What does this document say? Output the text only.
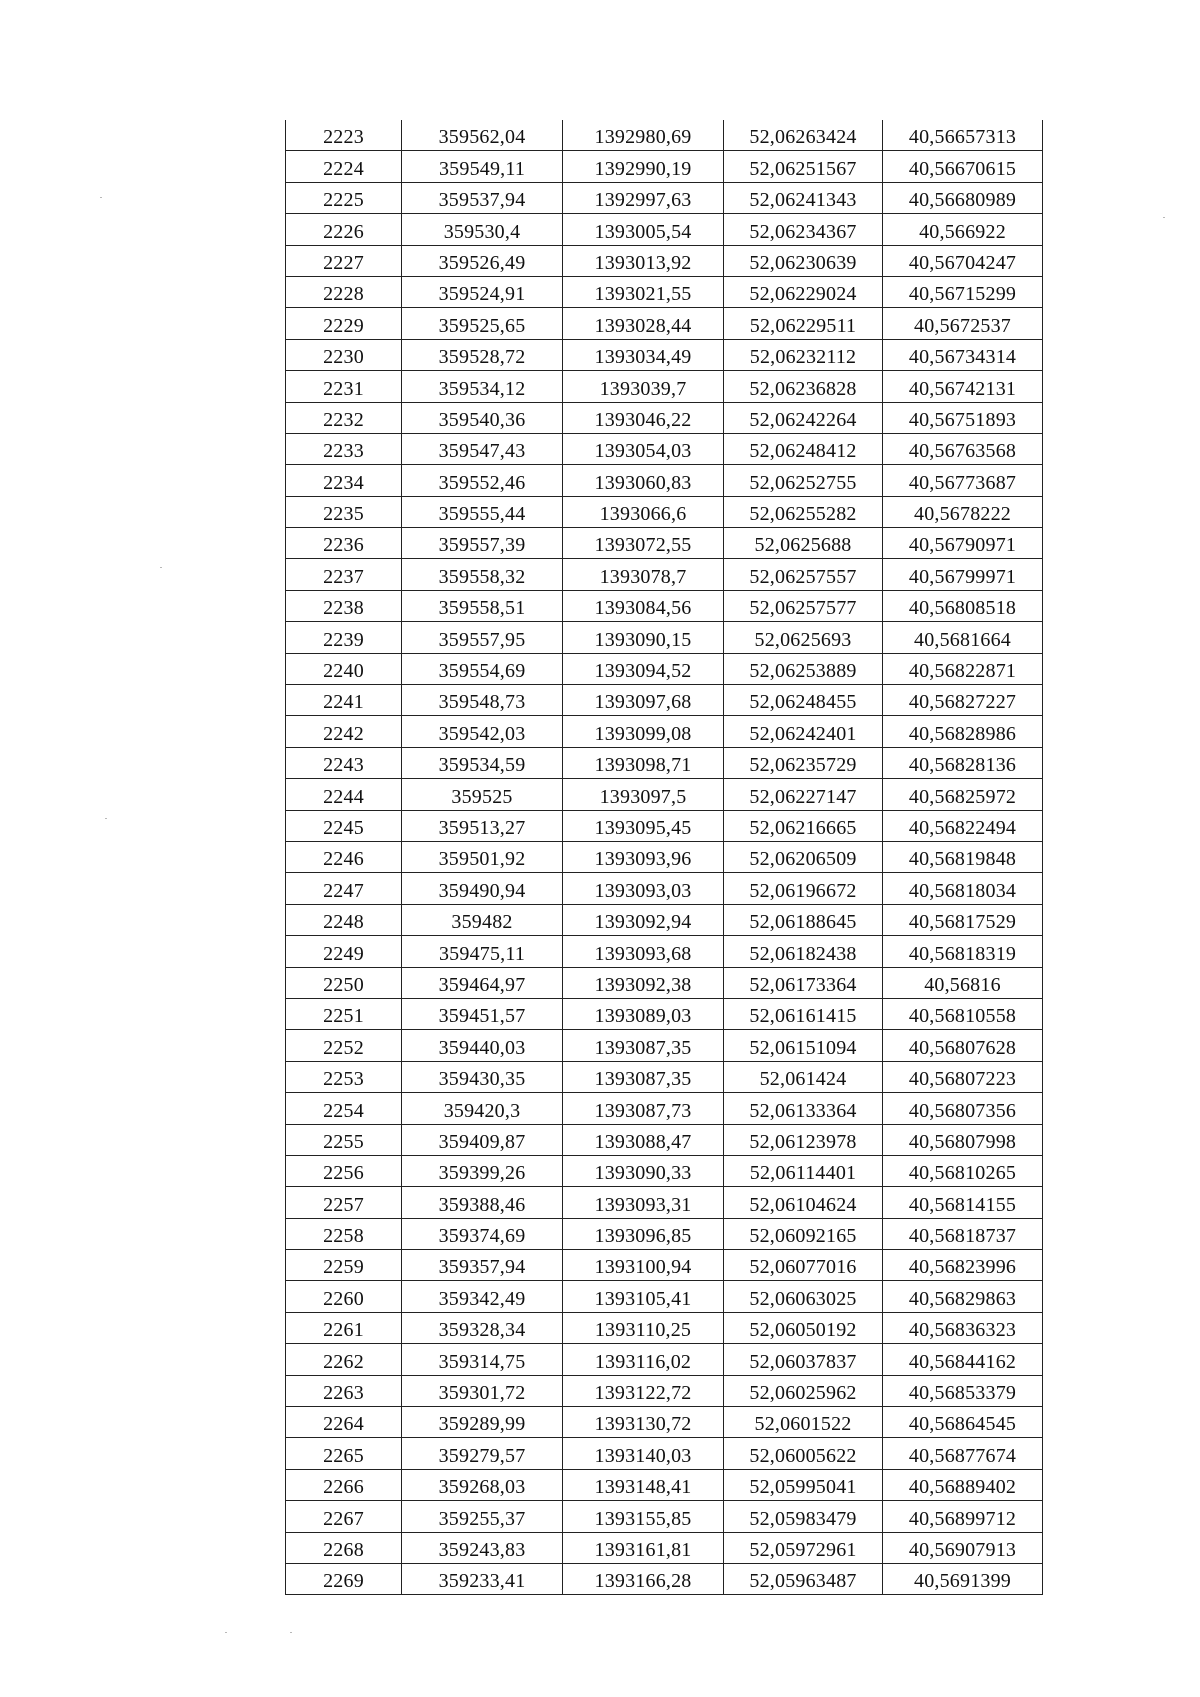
2223	359562,04	1392980,69	52,06263424	40,56657313
2224	359549,11	1392990,19	52,06251567	40,56670615
2225	359537,94	1392997,63	52,06241343	40,56680989
2226	359530,4	1393005,54	52,06234367	40,566922
2227	359526,49	1393013,92	52,06230639	40,56704247
2228	359524,91	1393021,55	52,06229024	40,56715299
2229	359525,65	1393028,44	52,06229511	40,5672537
2230	359528,72	1393034,49	52,06232112	40,56734314
2231	359534,12	1393039,7	52,06236828	40,56742131
2232	359540,36	1393046,22	52,06242264	40,56751893
2233	359547,43	1393054,03	52,06248412	40,56763568
2234	359552,46	1393060,83	52,06252755	40,56773687
2235	359555,44	1393066,6	52,06255282	40,5678222
2236	359557,39	1393072,55	52,0625688	40,56790971
2237	359558,32	1393078,7	52,06257557	40,56799971
2238	359558,51	1393084,56	52,06257577	40,56808518
2239	359557,95	1393090,15	52,0625693	40,5681664
2240	359554,69	1393094,52	52,06253889	40,56822871
2241	359548,73	1393097,68	52,06248455	40,56827227
2242	359542,03	1393099,08	52,06242401	40,56828986
2243	359534,59	1393098,71	52,06235729	40,56828136
2244	359525	1393097,5	52,06227147	40,56825972
2245	359513,27	1393095,45	52,06216665	40,56822494
2246	359501,92	1393093,96	52,06206509	40,56819848
2247	359490,94	1393093,03	52,06196672	40,56818034
2248	359482	1393092,94	52,06188645	40,56817529
2249	359475,11	1393093,68	52,06182438	40,56818319
2250	359464,97	1393092,38	52,06173364	40,56816
2251	359451,57	1393089,03	52,06161415	40,56810558
2252	359440,03	1393087,35	52,06151094	40,56807628
2253	359430,35	1393087,35	52,061424	40,56807223
2254	359420,3	1393087,73	52,06133364	40,56807356
2255	359409,87	1393088,47	52,06123978	40,56807998
2256	359399,26	1393090,33	52,06114401	40,56810265
2257	359388,46	1393093,31	52,06104624	40,56814155
2258	359374,69	1393096,85	52,06092165	40,56818737
2259	359357,94	1393100,94	52,06077016	40,56823996
2260	359342,49	1393105,41	52,06063025	40,56829863
2261	359328,34	1393110,25	52,06050192	40,56836323
2262	359314,75	1393116,02	52,06037837	40,56844162
2263	359301,72	1393122,72	52,06025962	40,56853379
2264	359289,99	1393130,72	52,0601522	40,56864545
2265	359279,57	1393140,03	52,06005622	40,56877674
2266	359268,03	1393148,41	52,05995041	40,56889402
2267	359255,37	1393155,85	52,05983479	40,56899712
2268	359243,83	1393161,81	52,05972961	40,56907913
2269	359233,41	1393166,28	52,05963487	40,5691399
